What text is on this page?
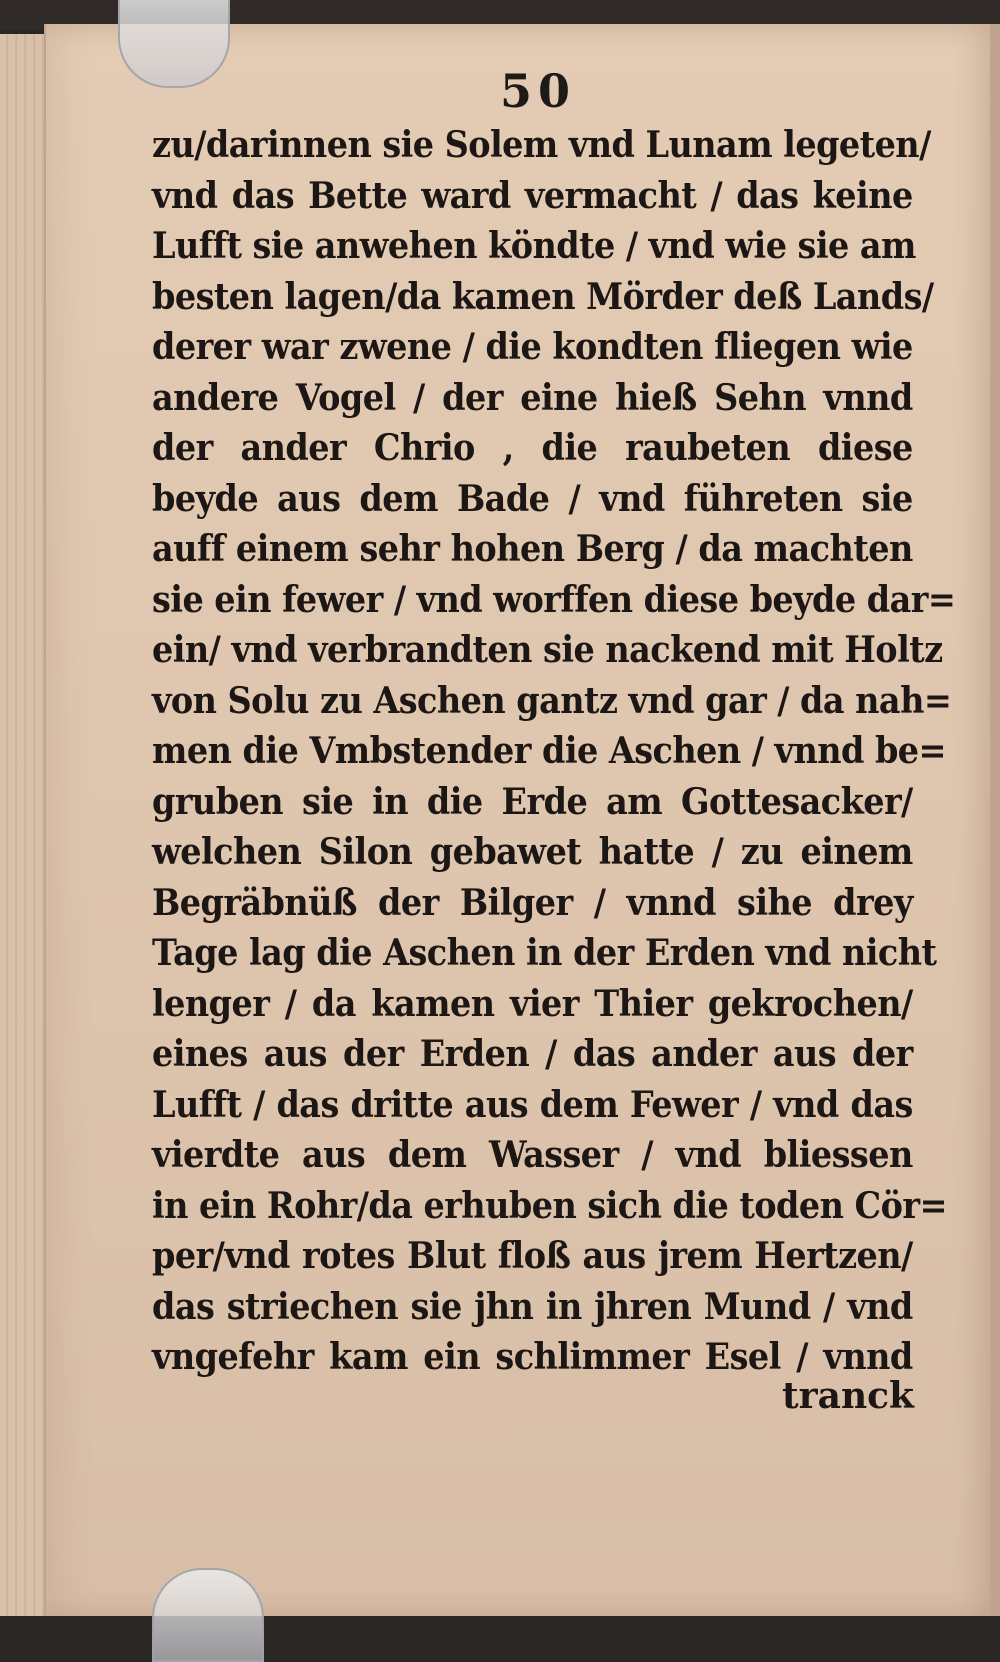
50
zu/darinnen sie Solem vnd Lunam legeten/
vnd das Bette ward vermacht / das keine
Lufft sie anwehen köndte / vnd wie sie am
besten lagen/da kamen Mörder deß Lands/
derer war zwene / die kondten fliegen wie
andere Vogel / der eine hieß Sehn vnnd
der ander Chrio , die raubeten diese
beyde aus dem Bade / vnd führeten sie
auff einem sehr hohen Berg / da machten
sie ein fewer / vnd worffen diese beyde dar=
ein/ vnd verbrandten sie nackend mit Holtz
von Solu zu Aschen gantz vnd gar / da nah=
men die Vmbstender die Aschen / vnnd be=
gruben sie in die Erde am Gottesacker/
welchen Silon gebawet hatte / zu einem
Begräbnüß der Bilger / vnnd sihe drey
Tage lag die Aschen in der Erden vnd nicht
lenger / da kamen vier Thier gekrochen/
eines aus der Erden / das ander aus der
Lufft / das dritte aus dem Fewer / vnd das
vierdte aus dem Wasser / vnd bliessen
in ein Rohr/da erhuben sich die toden Cör=
per/vnd rotes Blut floß aus jrem Hertzen/
das striechen sie jhn in jhren Mund / vnd
vngefehr kam ein schlimmer Esel / vnnd
tranck
